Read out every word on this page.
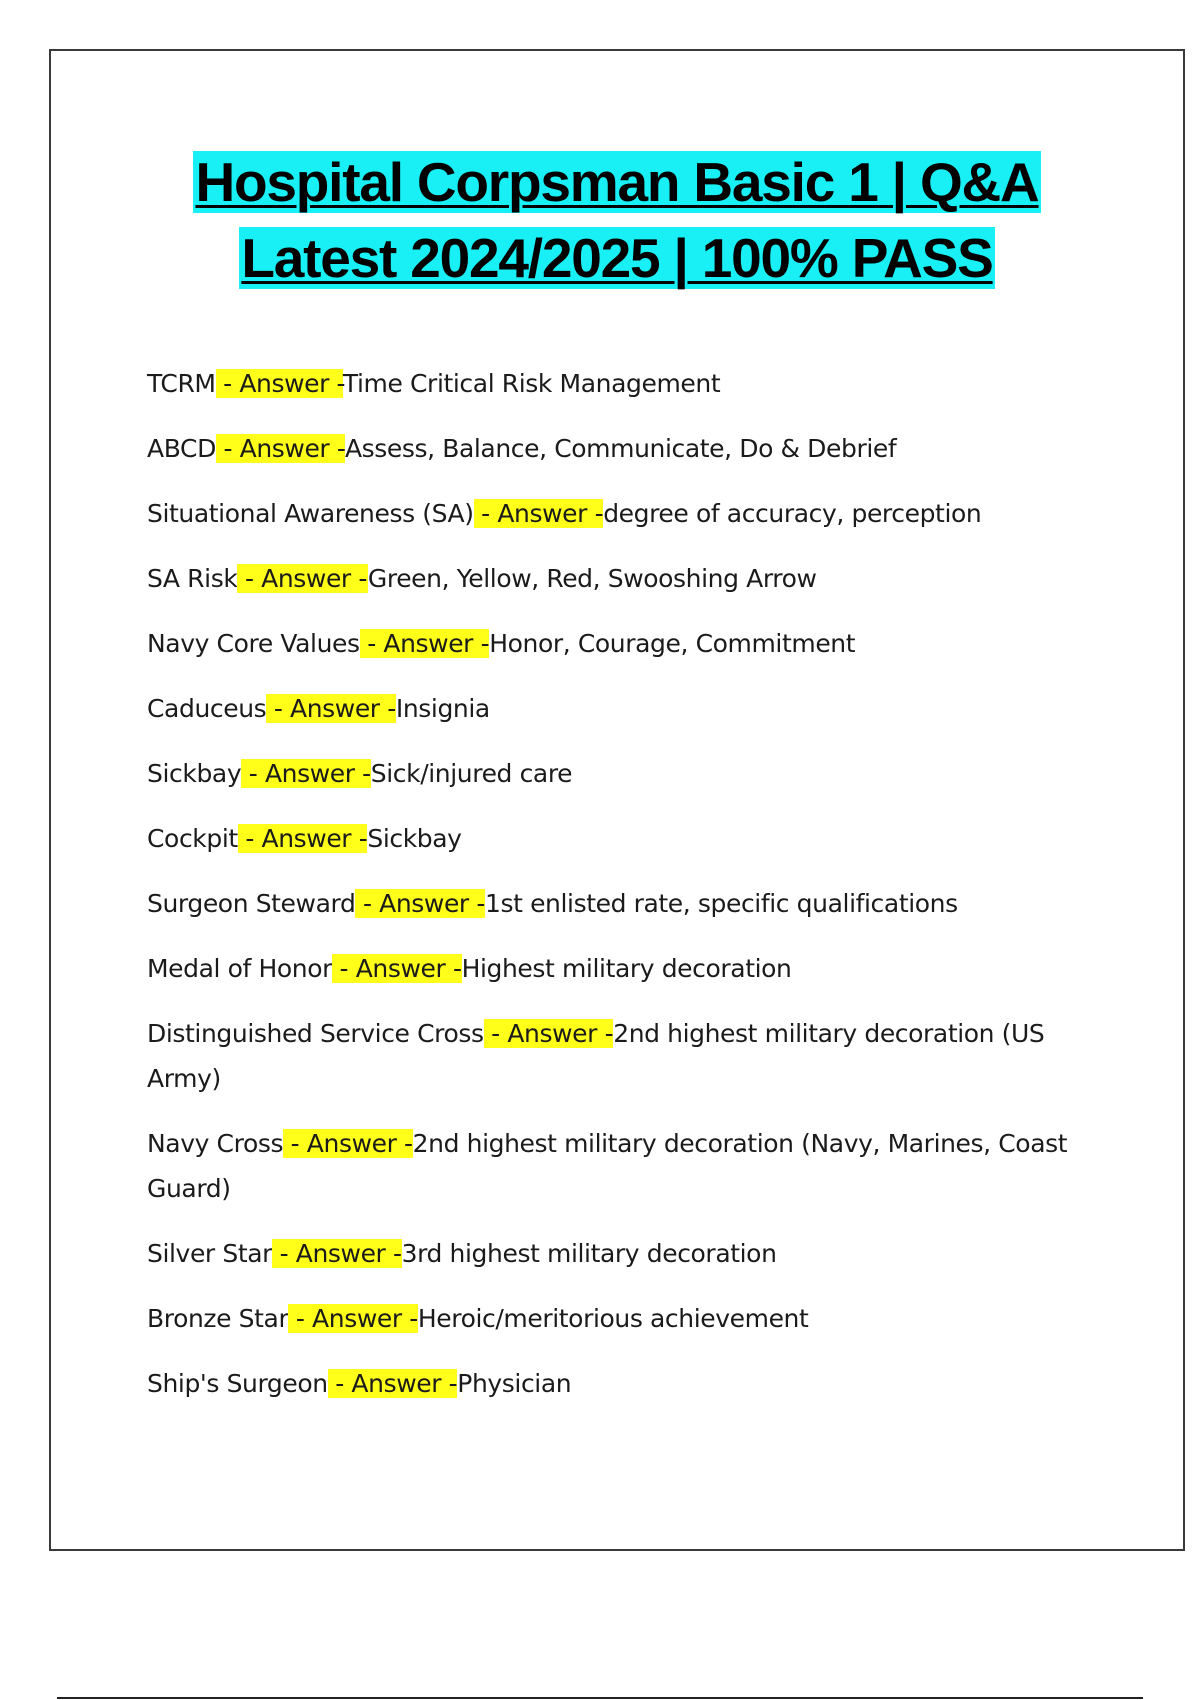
Hospital Corpsman Basic 1 | Q&A
Latest 2024/2025 | 100% PASS
TCRM - Answer -Time Critical Risk Management
ABCD - Answer -Assess, Balance, Communicate, Do & Debrief
Situational Awareness (SA) - Answer -degree of accuracy, perception
SA Risk - Answer -Green, Yellow, Red, Swooshing Arrow
Navy Core Values - Answer -Honor, Courage, Commitment
Caduceus - Answer -Insignia
Sickbay - Answer -Sick/injured care
Cockpit - Answer -Sickbay
Surgeon Steward - Answer -1st enlisted rate, specific qualifications
Medal of Honor - Answer -Highest military decoration
Distinguished Service Cross - Answer -2nd highest military decoration (US Army)
Navy Cross - Answer -2nd highest military decoration (Navy, Marines, Coast Guard)
Silver Star - Answer -3rd highest military decoration
Bronze Star - Answer -Heroic/meritorious achievement
Ship's Surgeon - Answer -Physician
